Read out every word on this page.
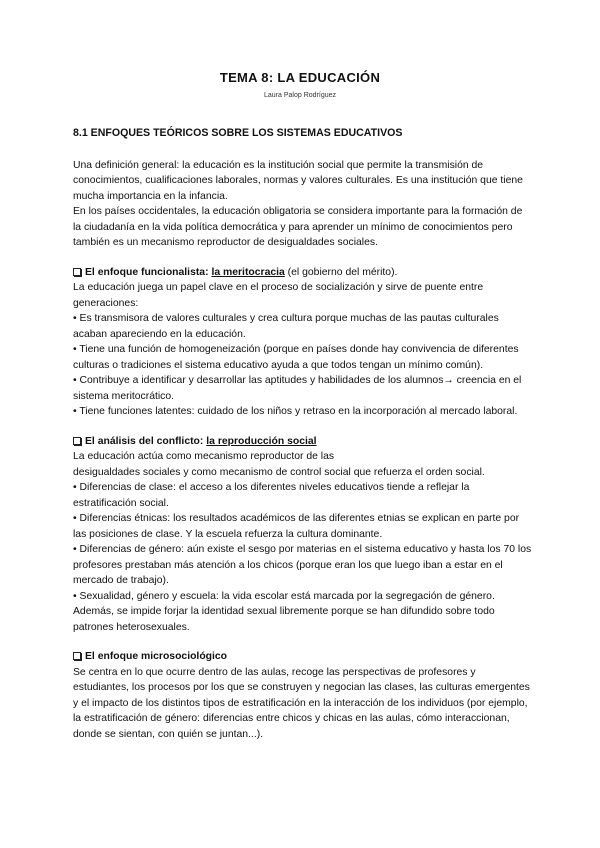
TEMA 8: LA EDUCACIÓN
Laura Palop Rodríguez
8.1 ENFOQUES TEÓRICOS SOBRE LOS SISTEMAS EDUCATIVOS

Una definición general: la educación es la institución social que permite la transmisión de conocimientos, cualificaciones laborales, normas y valores culturales. Es una institución que tiene mucha importancia en la infancia.

En los países occidentales, la educación obligatoria se considera importante para la formación de la ciudadanía en la vida política democrática y para aprender un mínimo de conocimientos pero también es un mecanismo reproductor de desigualdades sociales.

El enfoque funcionalista: la meritocracia (el gobierno del mérito).

La educación juega un papel clave en el proceso de socialización y sirve de puente entre generaciones:

• Es transmisora de valores culturales y crea cultura porque muchas de las pautas culturales acaban apareciendo en la educación.

• Tiene una función de homogeneización (porque en países donde hay convivencia de diferentes culturas o tradiciones el sistema educativo ayuda a que todos tengan un mínimo común).

• Contribuye a identificar y desarrollar las aptitudes y habilidades de los alumnos→ creencia en el sistema meritocrático.

• Tiene funciones latentes: cuidado de los niños y retraso en la incorporación al mercado laboral.

El análisis del conflicto: la reproducción social

La educación actúa como mecanismo reproductor de las

desigualdades sociales y como mecanismo de control social que refuerza el orden social.

• Diferencias de clase: el acceso a los diferentes niveles educativos tiende a reflejar la estratificación social.

• Diferencias étnicas: los resultados académicos de las diferentes etnias se explican en parte por las posiciones de clase. Y la escuela refuerza la cultura dominante.

• Diferencias de género: aún existe el sesgo por materias en el sistema educativo y hasta los 70 los profesores prestaban más atención a los chicos (porque eran los que luego iban a estar en el mercado de trabajo).

• Sexualidad, género y escuela: la vida escolar está marcada por la segregación de género. Además, se impide forjar la identidad sexual libremente porque se han difundido sobre todo patrones heterosexuales.

El enfoque microsociológico

Se centra en lo que ocurre dentro de las aulas, recoge las perspectivas de profesores y estudiantes, los procesos por los que se construyen y negocian las clases, las culturas emergentes y el impacto de los distintos tipos de estratificación en la interacción de los individuos (por ejemplo, la estratificación de género: diferencias entre chicos y chicas en las aulas, cómo interaccionan, donde se sientan, con quién se juntan...).
